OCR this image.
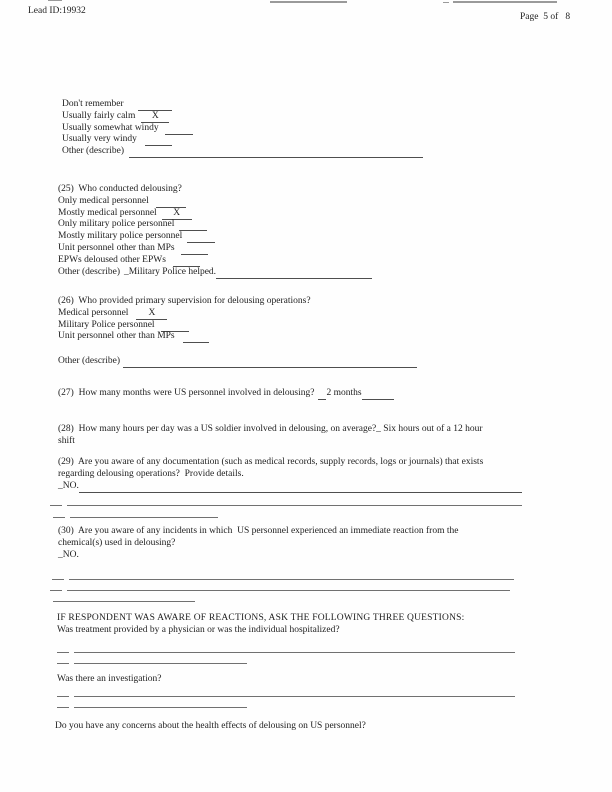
Lead ID:19932
Page  5 of   8
Don't remember
Usually fairly calm X
Usually somewhat windy
Usually very windy
Other (describe)
(25)  Who conducted delousing?
Only medical personnel
Mostly medical personnel X
Only military police personnel
Mostly military police personnel
Unit personnel other than MPs
EPWs deloused other EPWs
Other (describe) _Military Police helped.
(26)  Who provided primary supervision for delousing operations?
Medical personnel X
Military Police personnel
Unit personnel other than MPs
Other (describe)
(27)  How many months were US personnel involved in delousing? 2 months
(28)  How many hours per day was a US soldier involved in delousing, on average?_ Six hours out of a 12 hour
shift
(29)  Are you aware of any documentation (such as medical records, supply records, logs or journals) that exists
regarding delousing operations?  Provide details.
_NO.
(30)  Are you aware of any incidents in which  US personnel experienced an immediate reaction from the
chemical(s) used in delousing?
_NO.
IF RESPONDENT WAS AWARE OF REACTIONS, ASK THE FOLLOWING THREE QUESTIONS:
Was treatment provided by a physician or was the individual hospitalized?
Was there an investigation?
Do you have any concerns about the health effects of delousing on US personnel?
